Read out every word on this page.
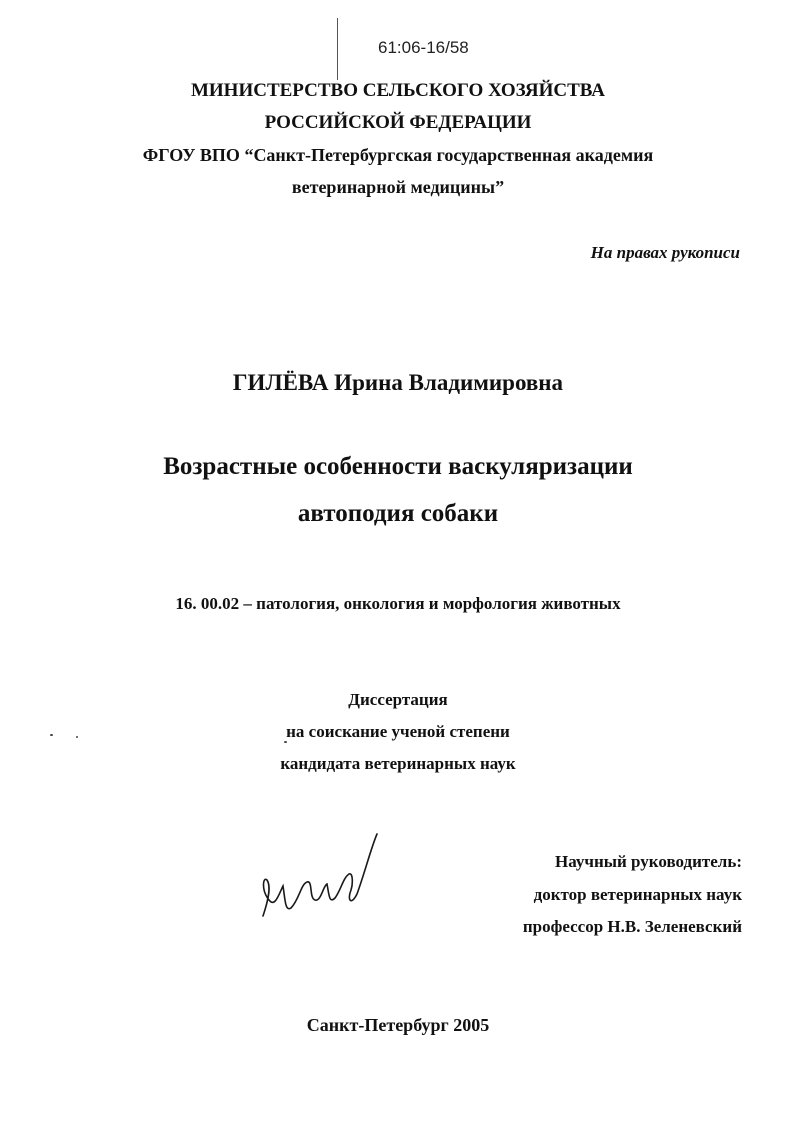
61:06-16/58
МИНИСТЕРСТВО СЕЛЬСКОГО ХОЗЯЙСТВА
РОССИЙСКОЙ ФЕДЕРАЦИИ
ФГОУ ВПО “Санкт-Петербургская государственная академия
ветеринарной медицины”
На правах рукописи
ГИЛЁВА Ирина Владимировна
Возрастные особенности васкуляризации
автоподия собаки
16. 00.02 – патология, онкология и морфология животных
Диссертация
на соискание ученой степени
кандидата ветеринарных наук
Научный руководитель:
доктор ветеринарных наук
профессор Н.В. Зеленевский
Санкт-Петербург 2005
